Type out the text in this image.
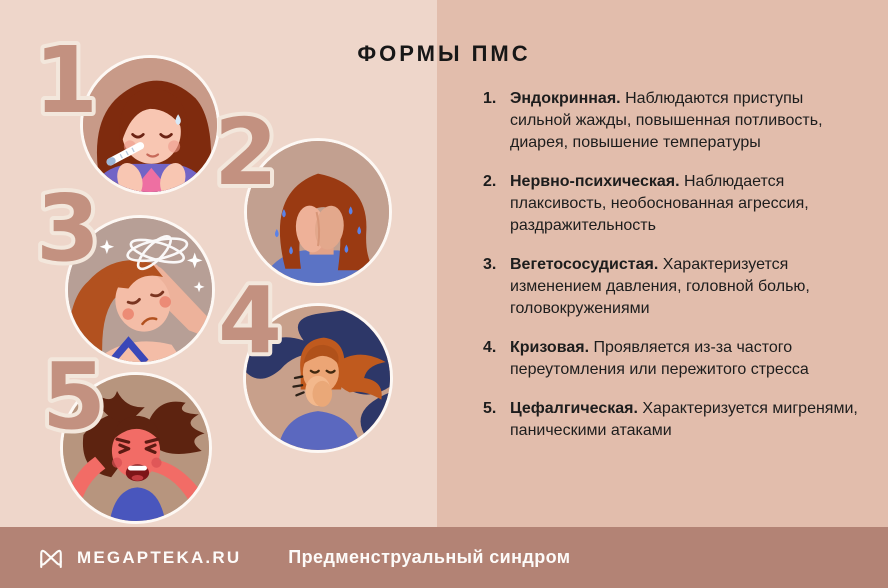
ФОРМЫ ПМС
1
2
3
4
5
1. Эндокринная. Наблюдаются приступы сильной жажды, повышенная потливость, диарея, повышение температуры

2. Нервно-психическая. Наблюдается плаксивость, необоснованная агрессия, раздражительность

3. Вегетососудистая. Характеризуется изменением давления, головной болью, головокружениями

4. Кризовая. Проявляется из-за частого переутомления или пережитого стресса

5. Цефалгическая. Характеризуется мигренями, паническими атаками

MEGAPTEKA.RU	Предменструальный синдром
